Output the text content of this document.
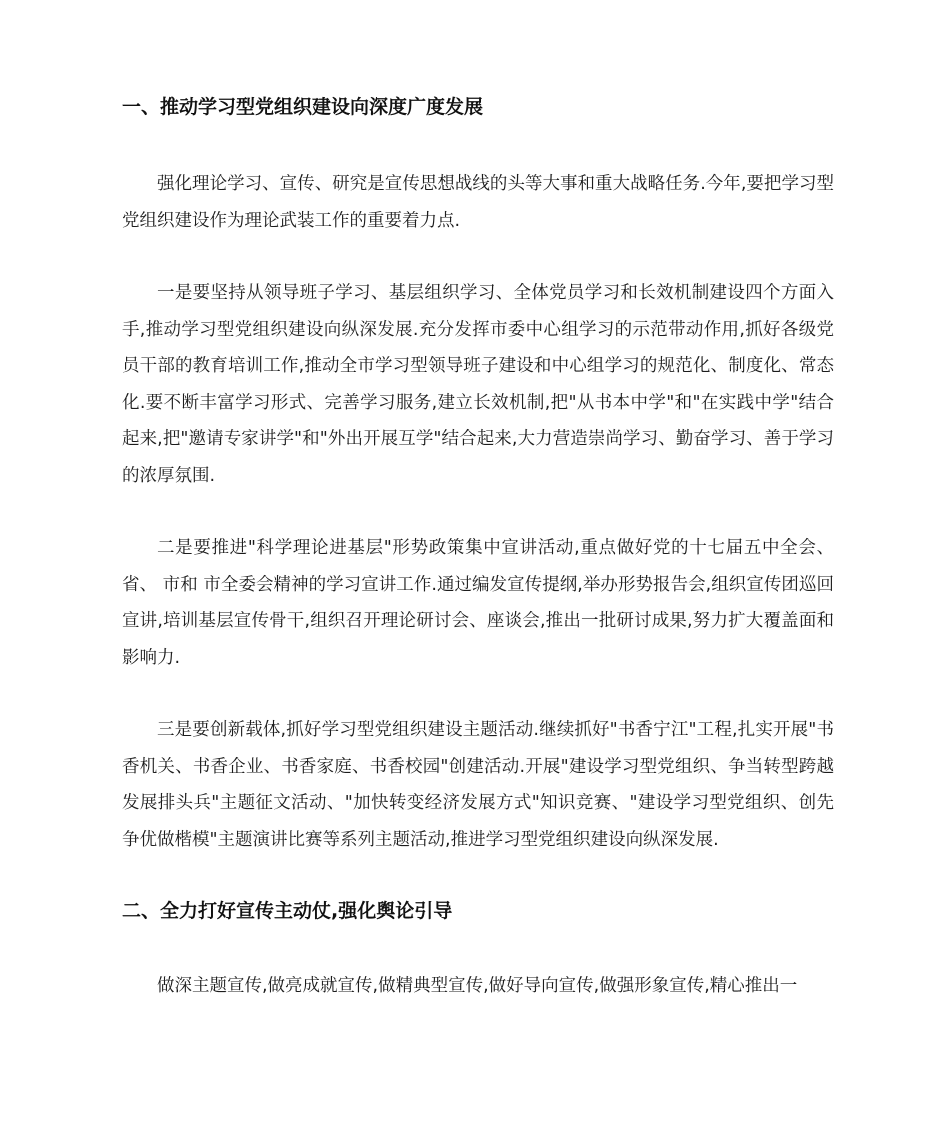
一、推动学习型党组织建设向深度广度发展

强化理论学习、宣传、研究是宣传思想战线的头等大事和重大战略任务.今年,要把学习型党组织建设作为理论武装工作的重要着力点.

一是要坚持从领导班子学习、基层组织学习、全体党员学习和长效机制建设四个方面入手,推动学习型党组织建设向纵深发展.充分发挥市委中心组学习的示范带动作用,抓好各级党员干部的教育培训工作,推动全市学习型领导班子建设和中心组学习的规范化、制度化、常态化.要不断丰富学习形式、完善学习服务,建立长效机制,把"从书本中学"和"在实践中学"结合起来,把"邀请专家讲学"和"外出开展互学"结合起来,大力营造崇尚学习、勤奋学习、善于学习的浓厚氛围.

二是要推进"科学理论进基层"形势政策集中宣讲活动,重点做好党的十七届五中全会、省、 市和 市全委会精神的学习宣讲工作.通过编发宣传提纲,举办形势报告会,组织宣传团巡回宣讲,培训基层宣传骨干,组织召开理论研讨会、座谈会,推出一批研讨成果,努力扩大覆盖面和影响力.

三是要创新载体,抓好学习型党组织建设主题活动.继续抓好"书香宁江"工程,扎实开展"书香机关、书香企业、书香家庭、书香校园"创建活动.开展"建设学习型党组织、争当转型跨越发展排头兵"主题征文活动、"加快转变经济发展方式"知识竞赛、"建设学习型党组织、创先争优做楷模"主题演讲比赛等系列主题活动,推进学习型党组织建设向纵深发展.

二、全力打好宣传主动仗,强化舆论引导

做深主题宣传,做亮成就宣传,做精典型宣传,做好导向宣传,做强形象宣传,精心推出一
